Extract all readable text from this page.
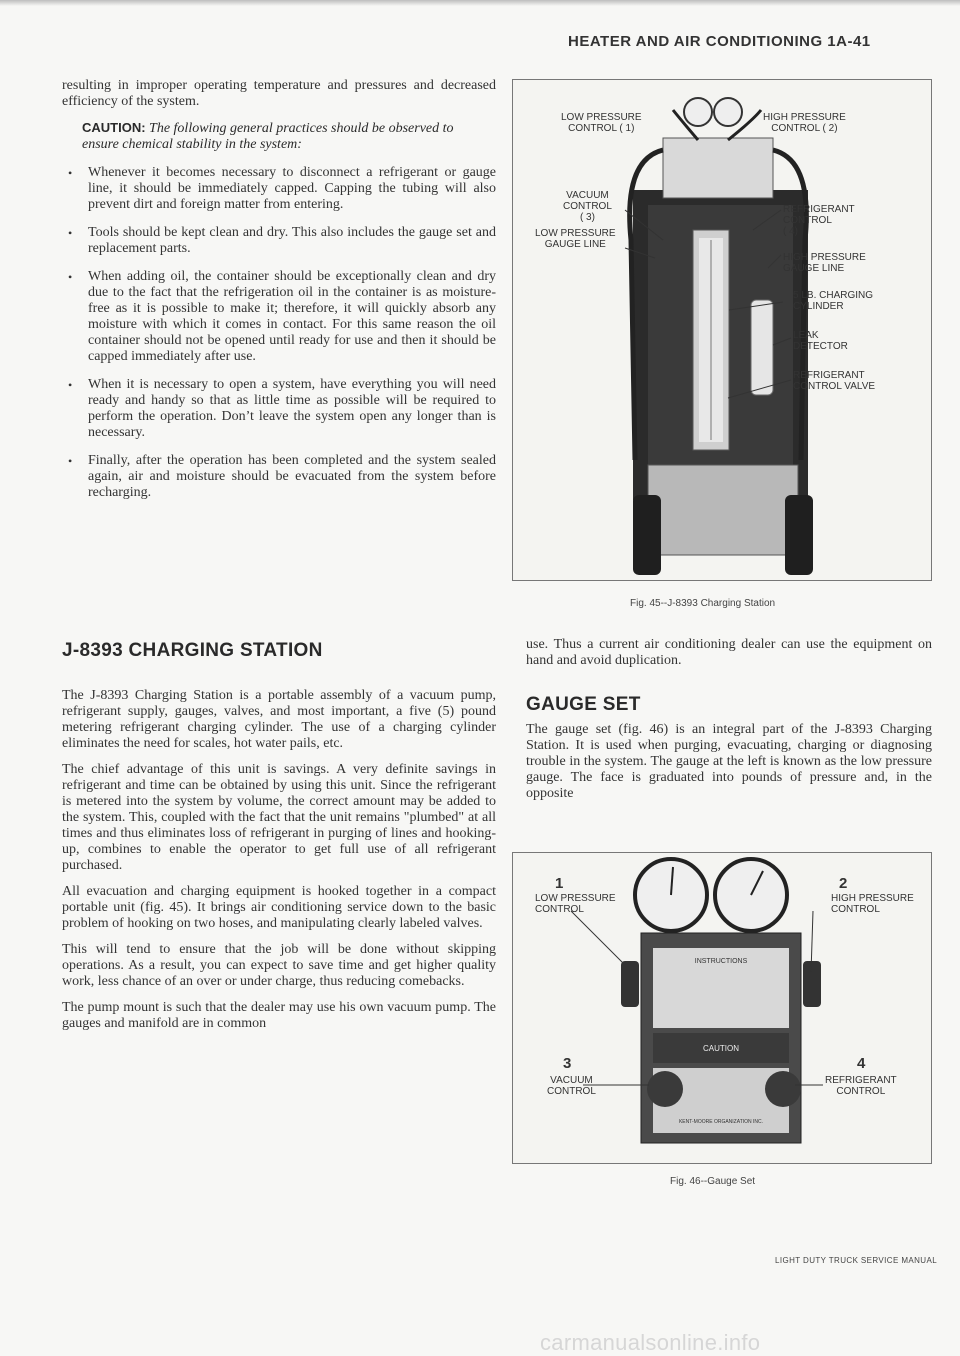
HEATER AND AIR CONDITIONING 1A-41

resulting in improper operating temperature and pressures and decreased efficiency of the system.

CAUTION: The following general practices should be observed to ensure chemical stability in the system:
• Whenever it becomes necessary to disconnect a refrigerant or gauge line, it should be immediately capped. Capping the tubing will also prevent dirt and foreign matter from entering.
• Tools should be kept clean and dry. This also includes the gauge set and replacement parts.
• When adding oil, the container should be exceptionally clean and dry due to the fact that the refrigeration oil in the container is as moisture-free as it is possible to make it; therefore, it will quickly absorb any moisture with which it comes in contact. For this same reason the oil container should not be opened until ready for use and then it should be capped immediately after use.
• When it is necessary to open a system, have everything you will need ready and handy so that as little time as possible will be required to perform the operation. Don’t leave the system open any longer than is necessary.
• Finally, after the operation has been completed and the system sealed again, air and moisture should be evacuated from the system before recharging.
J-8393 CHARGING STATION

The J-8393 Charging Station is a portable assembly of a vacuum pump, refrigerant supply, gauges, valves, and most important, a five (5) pound metering refrigerant charging cylinder. The use of a charging cylinder eliminates the need for scales, hot water pails, etc.

The chief advantage of this unit is savings. A very definite savings in refrigerant and time can be obtained by using this unit. Since the refrigerant is metered into the system by volume, the correct amount may be added to the system. This, coupled with the fact that the unit remains "plumbed" at all times and thus eliminates loss of refrigerant in purging of lines and hooking-up, combines to enable the operator to get full use of all refrigerant purchased.

All evacuation and charging equipment is hooked together in a compact portable unit (fig. 45). It brings air conditioning service down to the basic problem of hooking on two hoses, and manipulating clearly labeled valves.

This will tend to ensure that the job will be done without skipping operations. As a result, you can expect to save time and get higher quality work, less chance of an over or under charge, thus reducing comebacks.

The pump mount is such that the dealer may use his own vacuum pump. The gauges and manifold are in common

LOW PRESSURE
CONTROL ( 1)
HIGH PRESSURE
CONTROL ( 2)
VACUUM
CONTROL
( 3)
LOW PRESSURE
GAUGE LINE
REFRIGERANT
CONTROL
( 4)
HIGH PRESSURE
GAUGE LINE
5 LB. CHARGING
CYLINDER
LEAK
DETECTOR
REFRIGERANT
CONTROL VALVE
Fig. 45--J-8393 Charging Station

use. Thus a current air conditioning dealer can use the equipment on hand and avoid duplication.

GAUGE SET

The gauge set (fig. 46) is an integral part of the J-8393 Charging Station. It is used when purging, evacuating, charging or diagnosing trouble in the system. The gauge at the left is known as the low pressure gauge. The face is graduated into pounds of pressure and, in the opposite

INSTRUCTIONS
CAUTION
KENT-MOORE ORGANIZATION INC.
1
LOW PRESSURE
CONTROL
2
HIGH PRESSURE
CONTROL
3
VACUUM
CONTROL
4
REFRIGERANT
CONTROL
Fig. 46--Gauge Set
LIGHT DUTY TRUCK SERVICE MANUAL
carmanualsonline.info
